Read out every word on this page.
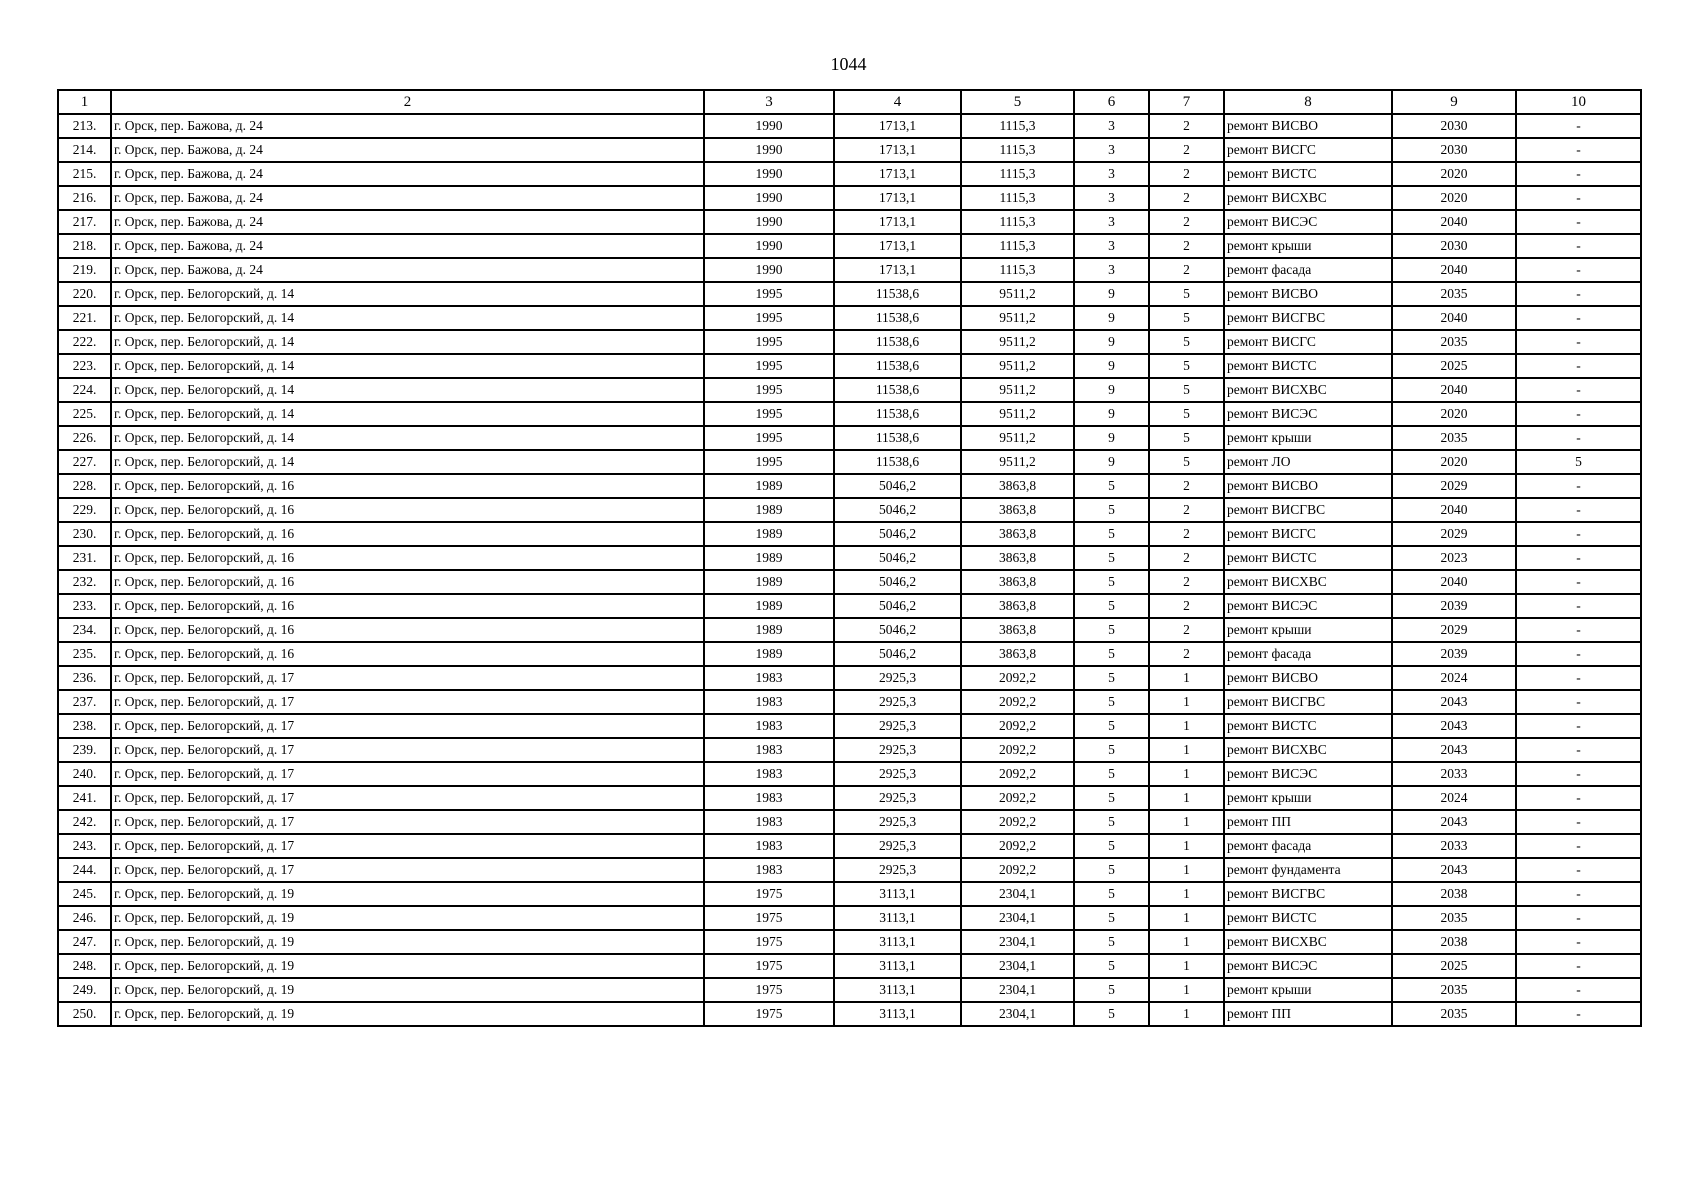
1044
1	2	3	4	5	6	7	8	9	10
213.	г. Орск, пер. Бажова, д. 24	1990	1713,1	1115,3	3	2	ремонт ВИСВО	2030	-
214.	г. Орск, пер. Бажова, д. 24	1990	1713,1	1115,3	3	2	ремонт ВИСГС	2030	-
215.	г. Орск, пер. Бажова, д. 24	1990	1713,1	1115,3	3	2	ремонт ВИСТС	2020	-
216.	г. Орск, пер. Бажова, д. 24	1990	1713,1	1115,3	3	2	ремонт ВИСХВС	2020	-
217.	г. Орск, пер. Бажова, д. 24	1990	1713,1	1115,3	3	2	ремонт ВИСЭС	2040	-
218.	г. Орск, пер. Бажова, д. 24	1990	1713,1	1115,3	3	2	ремонт крыши	2030	-
219.	г. Орск, пер. Бажова, д. 24	1990	1713,1	1115,3	3	2	ремонт фасада	2040	-
220.	г. Орск, пер. Белогорский, д. 14	1995	11538,6	9511,2	9	5	ремонт ВИСВО	2035	-
221.	г. Орск, пер. Белогорский, д. 14	1995	11538,6	9511,2	9	5	ремонт ВИСГВС	2040	-
222.	г. Орск, пер. Белогорский, д. 14	1995	11538,6	9511,2	9	5	ремонт ВИСГС	2035	-
223.	г. Орск, пер. Белогорский, д. 14	1995	11538,6	9511,2	9	5	ремонт ВИСТС	2025	-
224.	г. Орск, пер. Белогорский, д. 14	1995	11538,6	9511,2	9	5	ремонт ВИСХВС	2040	-
225.	г. Орск, пер. Белогорский, д. 14	1995	11538,6	9511,2	9	5	ремонт ВИСЭС	2020	-
226.	г. Орск, пер. Белогорский, д. 14	1995	11538,6	9511,2	9	5	ремонт крыши	2035	-
227.	г. Орск, пер. Белогорский, д. 14	1995	11538,6	9511,2	9	5	ремонт ЛО	2020	5
228.	г. Орск, пер. Белогорский, д. 16	1989	5046,2	3863,8	5	2	ремонт ВИСВО	2029	-
229.	г. Орск, пер. Белогорский, д. 16	1989	5046,2	3863,8	5	2	ремонт ВИСГВС	2040	-
230.	г. Орск, пер. Белогорский, д. 16	1989	5046,2	3863,8	5	2	ремонт ВИСГС	2029	-
231.	г. Орск, пер. Белогорский, д. 16	1989	5046,2	3863,8	5	2	ремонт ВИСТС	2023	-
232.	г. Орск, пер. Белогорский, д. 16	1989	5046,2	3863,8	5	2	ремонт ВИСХВС	2040	-
233.	г. Орск, пер. Белогорский, д. 16	1989	5046,2	3863,8	5	2	ремонт ВИСЭС	2039	-
234.	г. Орск, пер. Белогорский, д. 16	1989	5046,2	3863,8	5	2	ремонт крыши	2029	-
235.	г. Орск, пер. Белогорский, д. 16	1989	5046,2	3863,8	5	2	ремонт фасада	2039	-
236.	г. Орск, пер. Белогорский, д. 17	1983	2925,3	2092,2	5	1	ремонт ВИСВО	2024	-
237.	г. Орск, пер. Белогорский, д. 17	1983	2925,3	2092,2	5	1	ремонт ВИСГВС	2043	-
238.	г. Орск, пер. Белогорский, д. 17	1983	2925,3	2092,2	5	1	ремонт ВИСТС	2043	-
239.	г. Орск, пер. Белогорский, д. 17	1983	2925,3	2092,2	5	1	ремонт ВИСХВС	2043	-
240.	г. Орск, пер. Белогорский, д. 17	1983	2925,3	2092,2	5	1	ремонт ВИСЭС	2033	-
241.	г. Орск, пер. Белогорский, д. 17	1983	2925,3	2092,2	5	1	ремонт крыши	2024	-
242.	г. Орск, пер. Белогорский, д. 17	1983	2925,3	2092,2	5	1	ремонт ПП	2043	-
243.	г. Орск, пер. Белогорский, д. 17	1983	2925,3	2092,2	5	1	ремонт фасада	2033	-
244.	г. Орск, пер. Белогорский, д. 17	1983	2925,3	2092,2	5	1	ремонт фундамента	2043	-
245.	г. Орск, пер. Белогорский, д. 19	1975	3113,1	2304,1	5	1	ремонт ВИСГВС	2038	-
246.	г. Орск, пер. Белогорский, д. 19	1975	3113,1	2304,1	5	1	ремонт ВИСТС	2035	-
247.	г. Орск, пер. Белогорский, д. 19	1975	3113,1	2304,1	5	1	ремонт ВИСХВС	2038	-
248.	г. Орск, пер. Белогорский, д. 19	1975	3113,1	2304,1	5	1	ремонт ВИСЭС	2025	-
249.	г. Орск, пер. Белогорский, д. 19	1975	3113,1	2304,1	5	1	ремонт крыши	2035	-
250.	г. Орск, пер. Белогорский, д. 19	1975	3113,1	2304,1	5	1	ремонт ПП	2035	-
